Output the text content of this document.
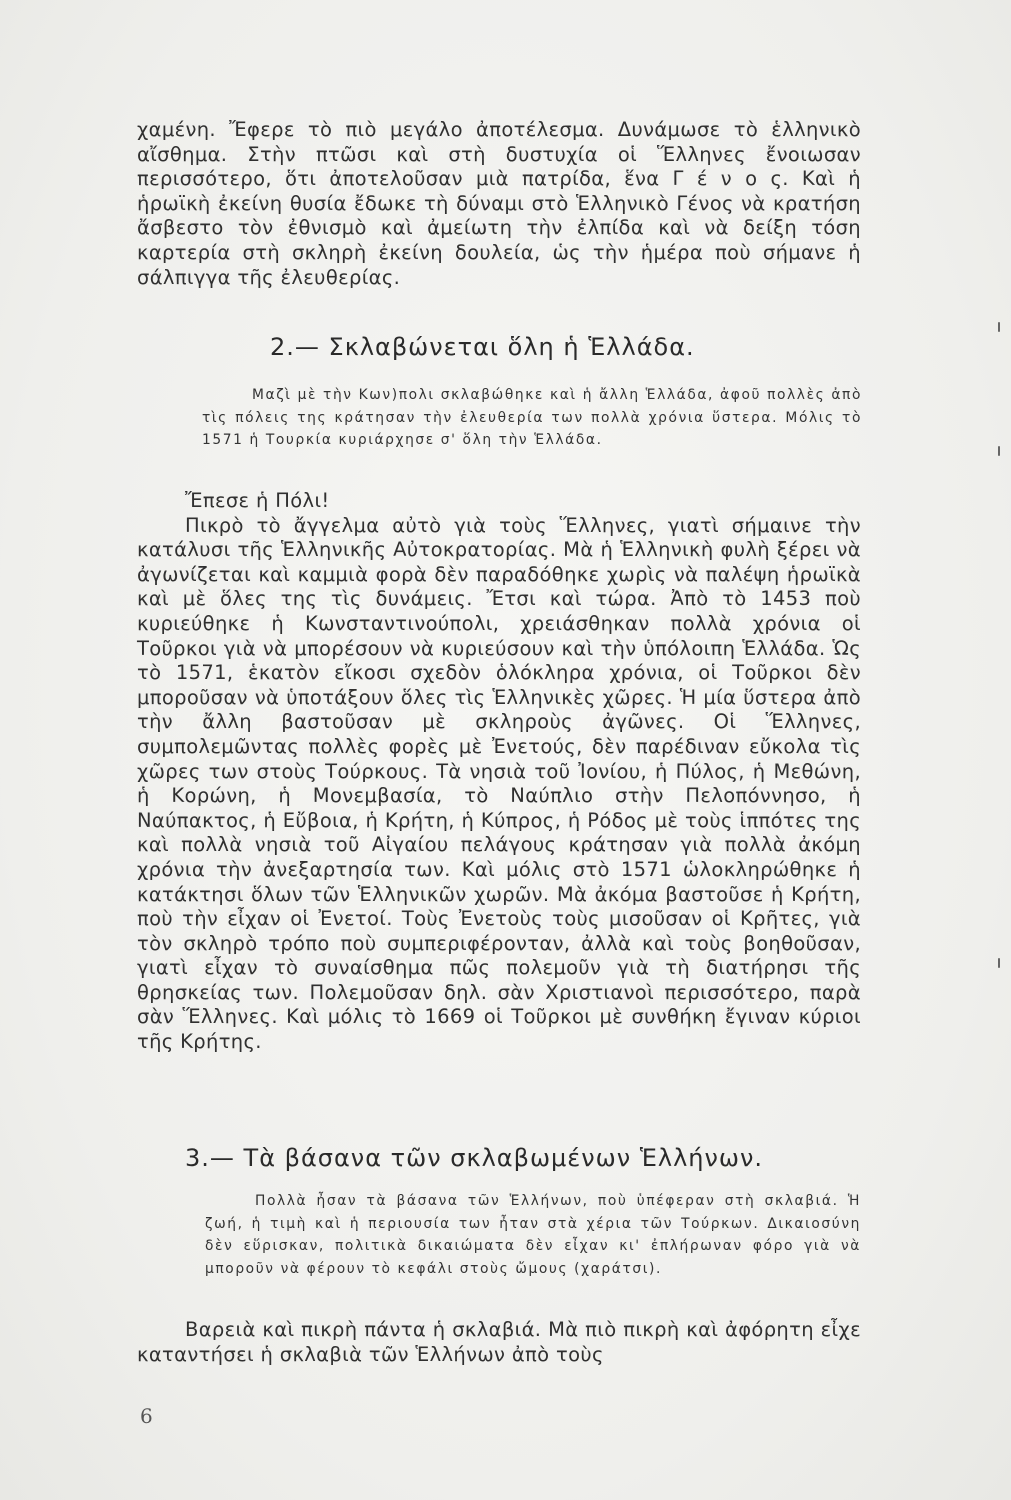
χαμένη. Ἔφερε τὸ πιὸ μεγάλο ἀποτέλεσμα. Δυνάμωσε τὸ ἑλληνικὸ αἴσθημα. Στὴν πτῶσι καὶ στὴ δυστυχία οἱ Ἕλληνες ἔνοιωσαν περισσότερο, ὅτι ἀποτελοῦσαν μιὰ πατρίδα, ἕνα Γ έ ν ο ς. Καὶ ἡ ἡρωϊκὴ ἐκείνη θυσία ἔδωκε τὴ δύναμι στὸ Ἑλληνικὸ Γένος νὰ κρατήση ἄσβεστο τὸν ἐθνισμὸ καὶ ἀμείωτη τὴν ἐλπίδα καὶ νὰ δείξη τόση καρτερία στὴ σκληρὴ ἐκείνη δουλεία, ὡς τὴν ἡμέρα ποὺ σήμανε ἡ σάλπιγγα τῆς ἐλευθερίας.

2.— Σκλαβώνεται ὅλη ἡ Ἑλλάδα.
Μαζὶ μὲ τὴν Κων)πολι σκλαβώθηκε καὶ ἡ ἄλλη Ἑλλάδα, ἀφοῦ πολλὲς ἀπὸ τὶς πόλεις της κράτησαν τὴν ἐλευθερία των πολλὰ χρόνια ὕστερα. Μόλις τὸ 1571 ἡ Τουρκία κυριάρχησε σ' ὅλη τὴν Ἑλλάδα.

Ἔπεσε ἡ Πόλι!

Πικρὸ τὸ ἄγγελμα αὐτὸ γιὰ τοὺς Ἕλληνες, γιατὶ σήμαινε τὴν κατάλυσι τῆς Ἑλληνικῆς Αὐτοκρατορίας. Μὰ ἡ Ἑλληνικὴ φυλὴ ξέρει νὰ ἀγωνίζεται καὶ καμμιὰ φορὰ δὲν παραδόθηκε χωρὶς νὰ παλέψη ἡρωϊκὰ καὶ μὲ ὅλες της τὶς δυνάμεις. Ἔτσι καὶ τώρα. Ἀπὸ τὸ 1453 ποὺ κυριεύθηκε ἡ Κωνσταντινούπολι, χρειάσθηκαν πολλὰ χρόνια οἱ Τοῦρκοι γιὰ νὰ μπορέσουν νὰ κυριεύσουν καὶ τὴν ὑπόλοιπη Ἑλλάδα. Ὡς τὸ 1571, ἑκατὸν εἴκοσι σχεδὸν ὁλόκληρα χρόνια, οἱ Τοῦρκοι δὲν μποροῦσαν νὰ ὑποτάξουν ὅλες τὶς Ἑλληνικὲς χῶρες. Ἡ μία ὕστερα ἀπὸ τὴν ἄλλη βαστοῦσαν μὲ σκληροὺς ἀγῶνες. Οἱ Ἕλληνες, συμπολεμῶντας πολλὲς φορὲς μὲ Ἐνετούς, δὲν παρέδιναν εὔκολα τὶς χῶρες των στοὺς Τούρκους. Τὰ νησιὰ τοῦ Ἰονίου, ἡ Πύλος, ἡ Μεθώνη, ἡ Κορώνη, ἡ Μονεμβασία, τὸ Ναύπλιο στὴν Πελοπόννησο, ἡ Ναύπακτος, ἡ Εὔβοια, ἡ Κρήτη, ἡ Κύπρος, ἡ Ρόδος μὲ τοὺς ἱππότες της καὶ πολλὰ νησιὰ τοῦ Αἰγαίου πελάγους κράτησαν γιὰ πολλὰ ἀκόμη χρόνια τὴν ἀνεξαρτησία των. Καὶ μόλις στὸ 1571 ὡλοκληρώθηκε ἡ κατάκτησι ὅλων τῶν Ἑλληνικῶν χωρῶν. Μὰ ἀκόμα βαστοῦσε ἡ Κρήτη, ποὺ τὴν εἶχαν οἱ Ἐνετοί. Τοὺς Ἐνετοὺς τοὺς μισοῦσαν οἱ Κρῆτες, γιὰ τὸν σκληρὸ τρόπο ποὺ συμπεριφέρονταν, ἀλλὰ καὶ τοὺς βοηθοῦσαν, γιατὶ εἶχαν τὸ συναίσθημα πῶς πολεμοῦν γιὰ τὴ διατήρησι τῆς θρησκείας των. Πολεμοῦσαν δηλ. σὰν Χριστιανοὶ περισσότερο, παρὰ σὰν Ἕλληνες. Καὶ μόλις τὸ 1669 οἱ Τοῦρκοι μὲ συνθήκη ἔγιναν κύριοι τῆς Κρήτης.

3.— Τὰ βάσανα τῶν σκλαβωμένων Ἑλλήνων.
Πολλὰ ἦσαν τὰ βάσανα τῶν Ἑλλήνων, ποὺ ὑπέφεραν στὴ σκλαβιά. Ἡ ζωή, ἡ τιμὴ καὶ ἡ περιουσία των ἦταν στὰ χέρια τῶν Τούρκων. Δικαιοσύνη δὲν εὕρισκαν, πολιτικὰ δικαιώματα δὲν εἶχαν κι' ἐπλήρωναν φόρο γιὰ νὰ μποροῦν νὰ φέρουν τὸ κεφάλι στοὺς ὤμους (χαράτσι).

Βαρειὰ καὶ πικρὴ πάντα ἡ σκλαβιά. Μὰ πιὸ πικρὴ καὶ ἀφόρητη εἶχε καταντήσει ἡ σκλαβιὰ τῶν Ἑλλήνων ἀπὸ τοὺς

6
